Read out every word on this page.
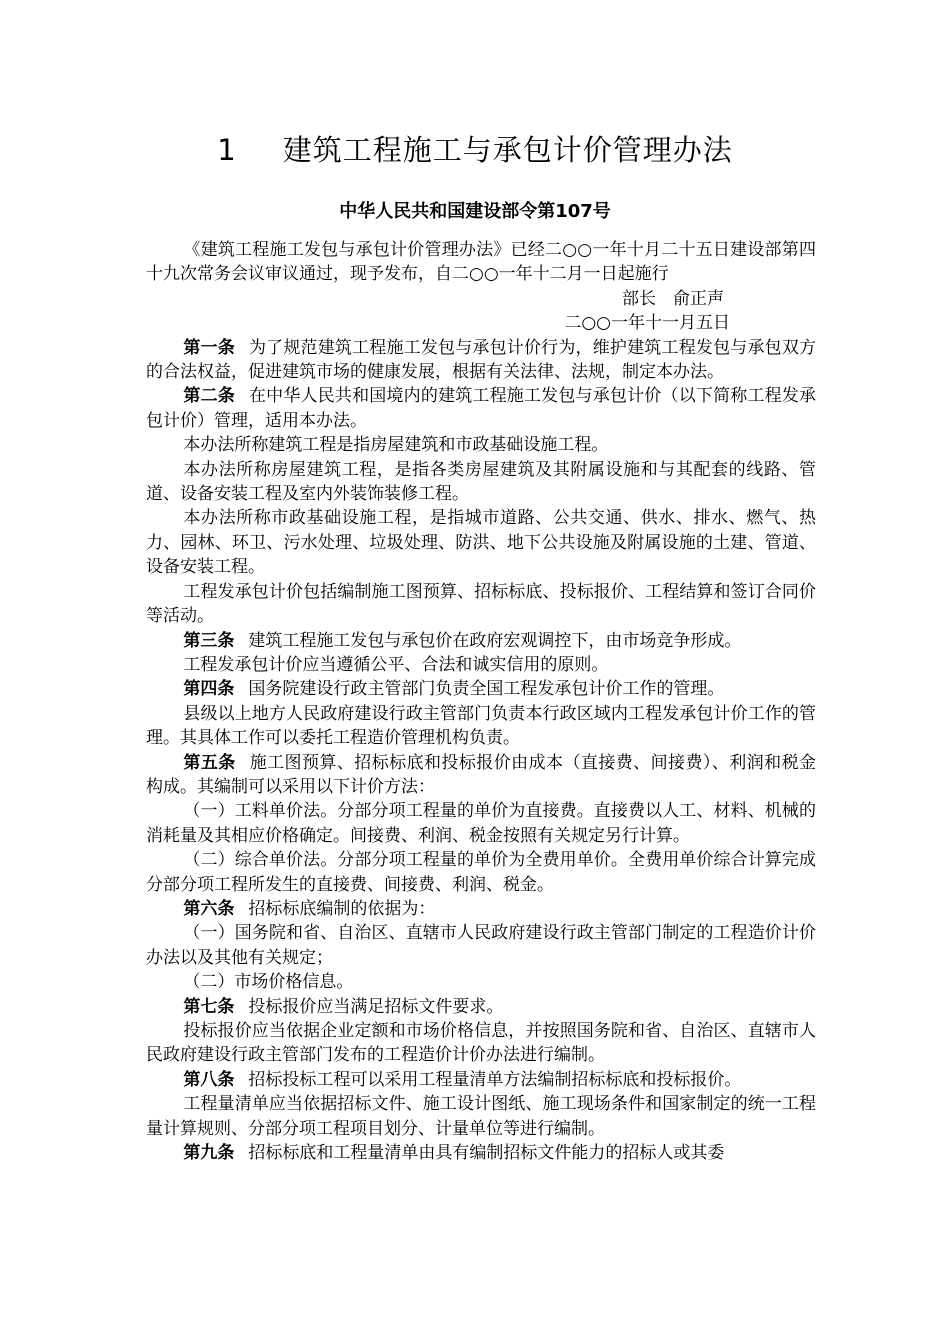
1 建筑工程施工与承包计价管理办法
中华人民共和国建设部令第107号

《建筑工程施工发包与承包计价管理办法》已经二○○一年十月二十五日建设部第四十九次常务会议审议通过，现予发布，自二○○一年十二月一日起施行

部长　俞正声

二○○一年十一月五日

第一条 为了规范建筑工程施工发包与承包计价行为，维护建筑工程发包与承包双方的合法权益，促进建筑市场的健康发展，根据有关法律、法规，制定本办法。

第二条 在中华人民共和国境内的建筑工程施工发包与承包计价（以下简称工程发承包计价）管理，适用本办法。

本办法所称建筑工程是指房屋建筑和市政基础设施工程。

本办法所称房屋建筑工程，是指各类房屋建筑及其附属设施和与其配套的线路、管道、设备安装工程及室内外装饰装修工程。

本办法所称市政基础设施工程，是指城市道路、公共交通、供水、排水、燃气、热力、园林、环卫、污水处理、垃圾处理、防洪、地下公共设施及附属设施的土建、管道、设备安装工程。

工程发承包计价包括编制施工图预算、招标标底、投标报价、工程结算和签订合同价等活动。

第三条 建筑工程施工发包与承包价在政府宏观调控下，由市场竞争形成。

工程发承包计价应当遵循公平、合法和诚实信用的原则。

第四条 国务院建设行政主管部门负责全国工程发承包计价工作的管理。

县级以上地方人民政府建设行政主管部门负责本行政区域内工程发承包计价工作的管理。其具体工作可以委托工程造价管理机构负责。

第五条 施工图预算、招标标底和投标报价由成本（直接费、间接费）、利润和税金构成。其编制可以采用以下计价方法：

（一）工料单价法。分部分项工程量的单价为直接费。直接费以人工、材料、机械的消耗量及其相应价格确定。间接费、利润、税金按照有关规定另行计算。

（二）综合单价法。分部分项工程量的单价为全费用单价。全费用单价综合计算完成分部分项工程所发生的直接费、间接费、利润、税金。

第六条 招标标底编制的依据为：

（一）国务院和省、自治区、直辖市人民政府建设行政主管部门制定的工程造价计价办法以及其他有关规定；

（二）市场价格信息。

第七条 投标报价应当满足招标文件要求。

投标报价应当依据企业定额和市场价格信息，并按照国务院和省、自治区、直辖市人民政府建设行政主管部门发布的工程造价计价办法进行编制。

第八条 招标投标工程可以采用工程量清单方法编制招标标底和投标报价。

工程量清单应当依据招标文件、施工设计图纸、施工现场条件和国家制定的统一工程量计算规则、分部分项工程项目划分、计量单位等进行编制。

第九条 招标标底和工程量清单由具有编制招标文件能力的招标人或其委
